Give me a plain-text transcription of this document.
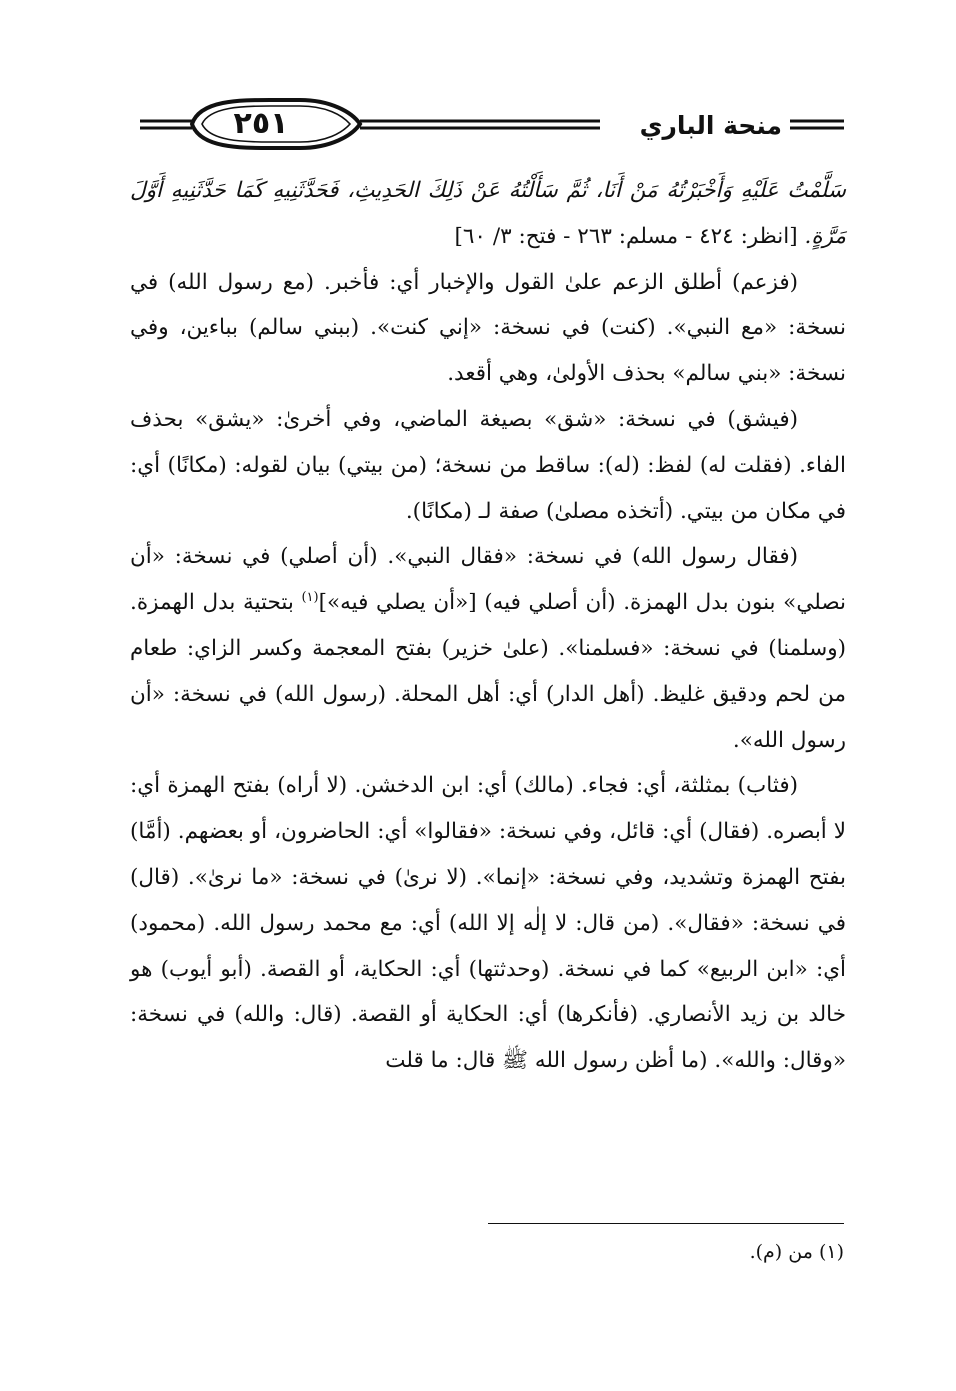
٢٥١	منحة الباري

سَلَّمْتُ عَلَيْهِ وَأَخْبَرْتُهُ مَنْ أَنَا، ثُمَّ سَأَلْتُهُ عَنْ ذَلِكَ الحَدِيثِ، فَحَدَّثَنِيهِ كَمَا حَدَّثَنِيهِ أَوَّلَ مَرَّةٍ. [انظر: ٤٢٤ - مسلم: ٢٦٣ - فتح: ٣/ ٦٠]

(فزعم) أطلق الزعم علىٰ القول والإخبار أي: فأخبر. (مع رسول الله) في نسخة: «مع النبي». (كنت) في نسخة: «إني كنت». (ببني سالم) بباءين، وفي نسخة: «بني سالم» بحذف الأولىٰ، وهي أقعد.

(فيشق) في نسخة: «شق» بصيغة الماضي، وفي أخرىٰ: «يشق» بحذف الفاء. (فقلت له) لفظ: (له): ساقط من نسخة؛ (من بيتي) بيان لقوله: (مكانًا) أي: في مكان من بيتي. (أتخذه مصلىٰ) صفة لـ (مكانًا).

(فقال رسول الله) في نسخة: «فقال النبي». (أن أصلي) في نسخة: «أن نصلي» بنون بدل الهمزة. (أن أصلي فيه) [«أن يصلي فيه»]$^{(١)}$ بتحتية بدل الهمزة. (وسلمنا) في نسخة: «فسلمنا». (علىٰ خزير) بفتح المعجمة وكسر الزاي: طعام من لحم ودقيق غليظ. (أهل الدار) أي: أهل المحلة. (رسول الله) في نسخة: «أن رسول الله».

(فثاب) بمثلثة، أي: فجاء. (مالك) أي: ابن الدخشن. (لا أراه) بفتح الهمزة أي: لا أبصره. (فقال) أي: قائل، وفي نسخة: «فقالوا» أي: الحاضرون، أو بعضهم. (أمَّا) بفتح الهمزة وتشديد، وفي نسخة: «إنما». (لا نرىٰ) في نسخة: «ما نرىٰ». (قال) في نسخة: «فقال». (من قال: لا إلٰه إلا الله) أي: مع محمد رسول الله. (محمود) أي: «ابن الربيع» كما في نسخة. (وحدثتها) أي: الحكاية، أو القصة. (أبو أيوب) هو خالد بن زيد الأنصاري. (فأنكرها) أي: الحكاية أو القصة. (قال: والله) في نسخة: «وقال: والله». (ما أظن رسول الله ﷺ قال: ما قلت

(١) من (م).
